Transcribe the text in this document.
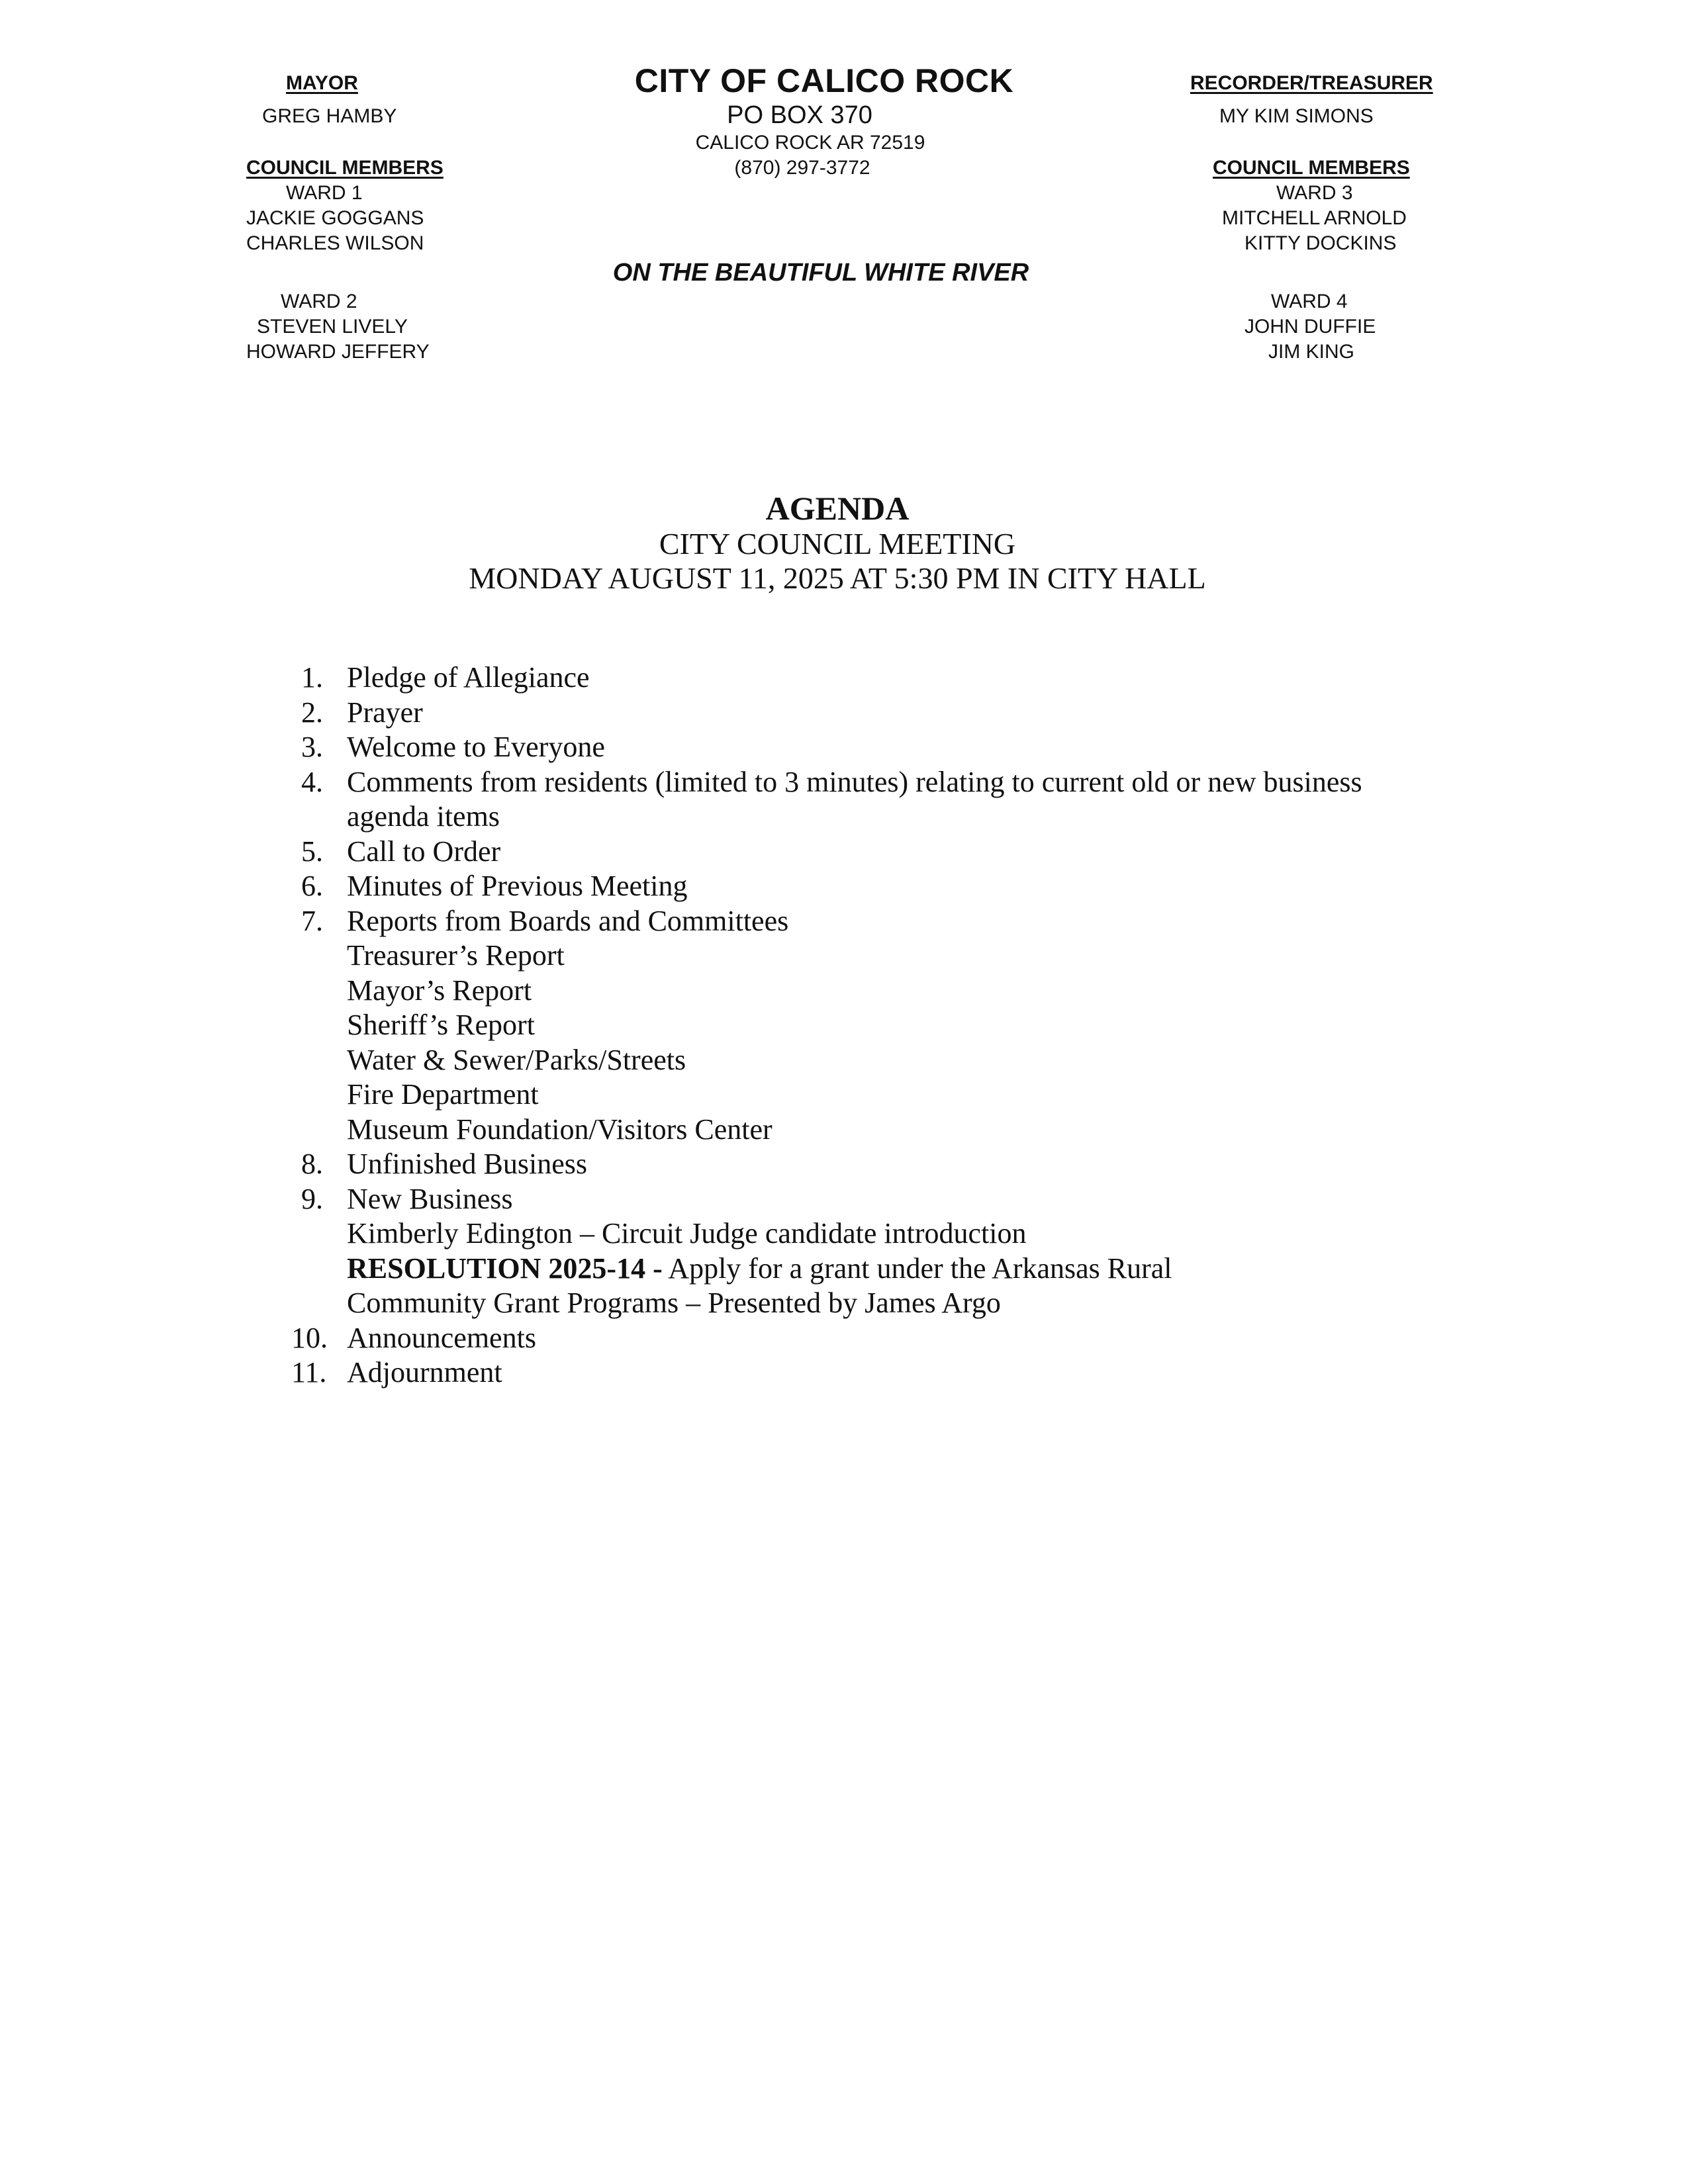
MAYOR
GREG HAMBY
COUNCIL MEMBERS
WARD 1
JACKIE GOGGANS
CHARLES WILSON
WARD 2
STEVEN LIVELY
HOWARD JEFFERY
CITY OF CALICO ROCK
PO BOX 370
CALICO ROCK AR 72519
(870) 297-3772
ON THE BEAUTIFUL WHITE RIVER
RECORDER/TREASURER
MY KIM SIMONS
COUNCIL MEMBERS
WARD 3
MITCHELL ARNOLD
KITTY DOCKINS
WARD 4
JOHN DUFFIE
JIM KING
AGENDA
CITY COUNCIL MEETING
MONDAY AUGUST 11, 2025 AT 5:30 PM IN CITY HALL
1. Pledge of Allegiance
2. Prayer
3. Welcome to Everyone
4. Comments from residents (limited to 3 minutes) relating to current old or new business
agenda items
5. Call to Order
6. Minutes of Previous Meeting
7. Reports from Boards and Committees
Treasurer’s Report
Mayor’s Report
Sheriff’s Report
Water & Sewer/Parks/Streets
Fire Department
Museum Foundation/Visitors Center
8. Unfinished Business
9. New Business
Kimberly Edington – Circuit Judge candidate introduction
RESOLUTION 2025-14 - Apply for a grant under the Arkansas Rural
Community Grant Programs – Presented by James Argo
10. Announcements
11. Adjournment
